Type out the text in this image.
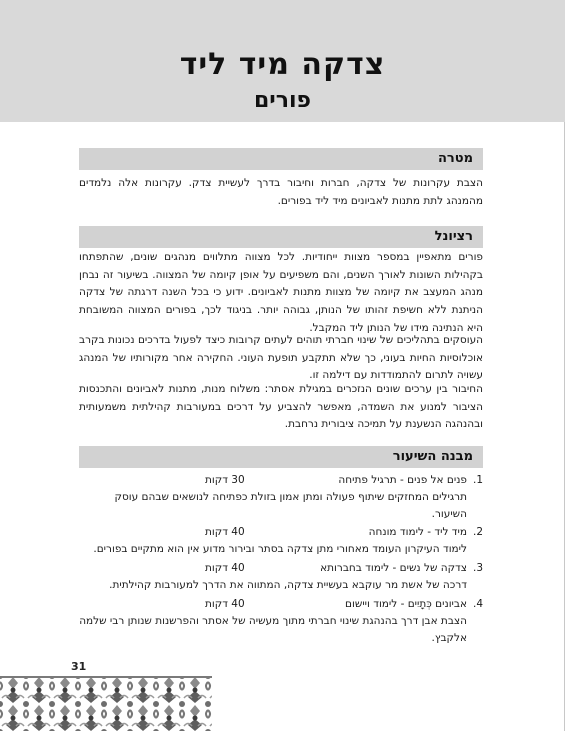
צדקה מיד ליד
פורים
מטרה
הצבת עקרונות של צדקה, חברות וחיבור בדרך לעשיית צדק. עקרונות אלה נלמדים מהמנהג לתת מתנות לאביונים מיד ליד בפורים.
רציונל
פורים מתאפיין במספר מצוות ייחודיות. לכל מצווה מתלווים מנהגים שונים, שהתפתחו בקהילות השונות לאורך השנים, והם משפיעים על אופן קיומה של המצווה. בשיעור זה נבחן מנהג המעצב את קיומה של מצוות מתנות לאביונים. ידוע כי בכל השנה דרגתה של צדקה הניתנת ללא חשיפת זהותו של הנותן, גבוהה יותר. בניגוד לכך, בפורים המצווה המשובחת היא הנתינה מידו של הנותן ליד המקבל.
העוסקים בתהליכים של שינוי חברתי תוהים לעתים קרובות כיצד לפעול בדרכים נכונות בקרב אוכלוסיות החיות בעוני, כך שלא תתקבע תופעת העוני. החקירה אחר מקורותיו של המנהג עשויה לתרום להתמודדות עם דילמה זו.
החיבור בין ערכים שונים הנזכרים במגילת אסתר: משלוח מנות, מתנות לאביונים והתכנסות הציבור למנוע את השמדה, מאפשר להצביע על דרכים במעורבות קהילתית משמעותית ובהנהגה הנשענת על תמיכה ציבורית נרחבת.
מבנה השיעור
1.
פנים אל פנים - תרגיל פתיחה
30 דקות
תרגילים המחזקים שיתוף פעולה ומתן אמון בזולת כפתיחה לנושאים שבהם עוסק השיעור.
2.
מיד ליד - לימוד מונחה
40 דקות
לימוד העיקרון העומד מאחורי מתן צדקה בסתר ובירור מדוע אין הוא מתקיים בפורים.
3.
צדקה של נשים - לימוד בחברותא
40 דקות
דרכה של אשת מר עוקבא בעשיית צדקה, המתווה את הדרך למעורבות קהילתית.
4.
אביונים כְּתָיִים - לימוד ויישום
40 דקות
הצבת אבן דרך בהנהגת שינוי חברתי מתוך מעשיה של אסתר והפרשנות שנותן רבי שלמה אלקבץ.
31
